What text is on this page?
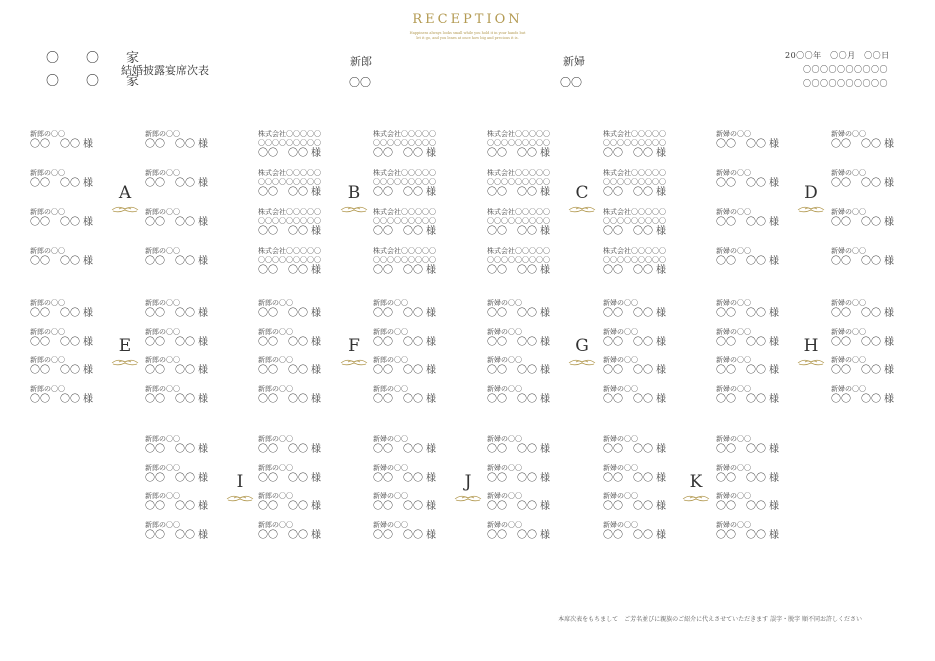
RECEPTION
Happiness always looks small while you hold it in your hands but
let it go, and you learn at once how big and precious it is.
〇　〇　家
〇　〇　家
結婚披露宴席次表
新郎
〇〇
新婦
〇〇
20〇〇年　〇〇月　〇〇日
〇〇〇〇〇〇〇〇〇〇
〇〇〇〇〇〇〇〇〇〇
新郎の〇〇
〇〇　〇〇 様
新郎の〇〇
〇〇　〇〇 様
新郎の〇〇
〇〇　〇〇 様
新郎の〇〇
〇〇　〇〇 様
新郎の〇〇
〇〇　〇〇 様
新郎の〇〇
〇〇　〇〇 様
新郎の〇〇
〇〇　〇〇 様
新郎の〇〇
〇〇　〇〇 様
A
株式会社〇〇〇〇〇
〇〇〇〇〇〇〇〇〇
〇〇　〇〇 様
株式会社〇〇〇〇〇
〇〇〇〇〇〇〇〇〇
〇〇　〇〇 様
株式会社〇〇〇〇〇
〇〇〇〇〇〇〇〇〇
〇〇　〇〇 様
株式会社〇〇〇〇〇
〇〇〇〇〇〇〇〇〇
〇〇　〇〇 様
株式会社〇〇〇〇〇
〇〇〇〇〇〇〇〇〇
〇〇　〇〇 様
株式会社〇〇〇〇〇
〇〇〇〇〇〇〇〇〇
〇〇　〇〇 様
株式会社〇〇〇〇〇
〇〇〇〇〇〇〇〇〇
〇〇　〇〇 様
株式会社〇〇〇〇〇
〇〇〇〇〇〇〇〇〇
〇〇　〇〇 様
B
株式会社〇〇〇〇〇
〇〇〇〇〇〇〇〇〇
〇〇　〇〇 様
株式会社〇〇〇〇〇
〇〇〇〇〇〇〇〇〇
〇〇　〇〇 様
株式会社〇〇〇〇〇
〇〇〇〇〇〇〇〇〇
〇〇　〇〇 様
株式会社〇〇〇〇〇
〇〇〇〇〇〇〇〇〇
〇〇　〇〇 様
株式会社〇〇〇〇〇
〇〇〇〇〇〇〇〇〇
〇〇　〇〇 様
株式会社〇〇〇〇〇
〇〇〇〇〇〇〇〇〇
〇〇　〇〇 様
株式会社〇〇〇〇〇
〇〇〇〇〇〇〇〇〇
〇〇　〇〇 様
株式会社〇〇〇〇〇
〇〇〇〇〇〇〇〇〇
〇〇　〇〇 様
C
新婦の〇〇
〇〇　〇〇 様
新婦の〇〇
〇〇　〇〇 様
新婦の〇〇
〇〇　〇〇 様
新婦の〇〇
〇〇　〇〇 様
新婦の〇〇
〇〇　〇〇 様
新婦の〇〇
〇〇　〇〇 様
新婦の〇〇
〇〇　〇〇 様
新婦の〇〇
〇〇　〇〇 様
D
新郎の〇〇
〇〇　〇〇 様
新郎の〇〇
〇〇　〇〇 様
新郎の〇〇
〇〇　〇〇 様
新郎の〇〇
〇〇　〇〇 様
新郎の〇〇
〇〇　〇〇 様
新郎の〇〇
〇〇　〇〇 様
新郎の〇〇
〇〇　〇〇 様
新郎の〇〇
〇〇　〇〇 様
E
新郎の〇〇
〇〇　〇〇 様
新郎の〇〇
〇〇　〇〇 様
新郎の〇〇
〇〇　〇〇 様
新郎の〇〇
〇〇　〇〇 様
新郎の〇〇
〇〇　〇〇 様
新郎の〇〇
〇〇　〇〇 様
新郎の〇〇
〇〇　〇〇 様
新郎の〇〇
〇〇　〇〇 様
F
新婦の〇〇
〇〇　〇〇 様
新婦の〇〇
〇〇　〇〇 様
新婦の〇〇
〇〇　〇〇 様
新婦の〇〇
〇〇　〇〇 様
新婦の〇〇
〇〇　〇〇 様
新婦の〇〇
〇〇　〇〇 様
新婦の〇〇
〇〇　〇〇 様
新婦の〇〇
〇〇　〇〇 様
G
新婦の〇〇
〇〇　〇〇 様
新婦の〇〇
〇〇　〇〇 様
新婦の〇〇
〇〇　〇〇 様
新婦の〇〇
〇〇　〇〇 様
新婦の〇〇
〇〇　〇〇 様
新婦の〇〇
〇〇　〇〇 様
新婦の〇〇
〇〇　〇〇 様
新婦の〇〇
〇〇　〇〇 様
H
新郎の〇〇
〇〇　〇〇 様
新郎の〇〇
〇〇　〇〇 様
新郎の〇〇
〇〇　〇〇 様
新郎の〇〇
〇〇　〇〇 様
新郎の〇〇
〇〇　〇〇 様
新郎の〇〇
〇〇　〇〇 様
新郎の〇〇
〇〇　〇〇 様
新郎の〇〇
〇〇　〇〇 様
I
新婦の〇〇
〇〇　〇〇 様
新婦の〇〇
〇〇　〇〇 様
新婦の〇〇
〇〇　〇〇 様
新婦の〇〇
〇〇　〇〇 様
新婦の〇〇
〇〇　〇〇 様
新婦の〇〇
〇〇　〇〇 様
新婦の〇〇
〇〇　〇〇 様
新婦の〇〇
〇〇　〇〇 様
J
新婦の〇〇
〇〇　〇〇 様
新婦の〇〇
〇〇　〇〇 様
新婦の〇〇
〇〇　〇〇 様
新婦の〇〇
〇〇　〇〇 様
新婦の〇〇
〇〇　〇〇 様
新婦の〇〇
〇〇　〇〇 様
新婦の〇〇
〇〇　〇〇 様
新婦の〇〇
〇〇　〇〇 様
K
本席次表をもちまして　ご芳名並びに親族のご紹介に代えさせていただきます 誤字・脱字 順不同お許しください
